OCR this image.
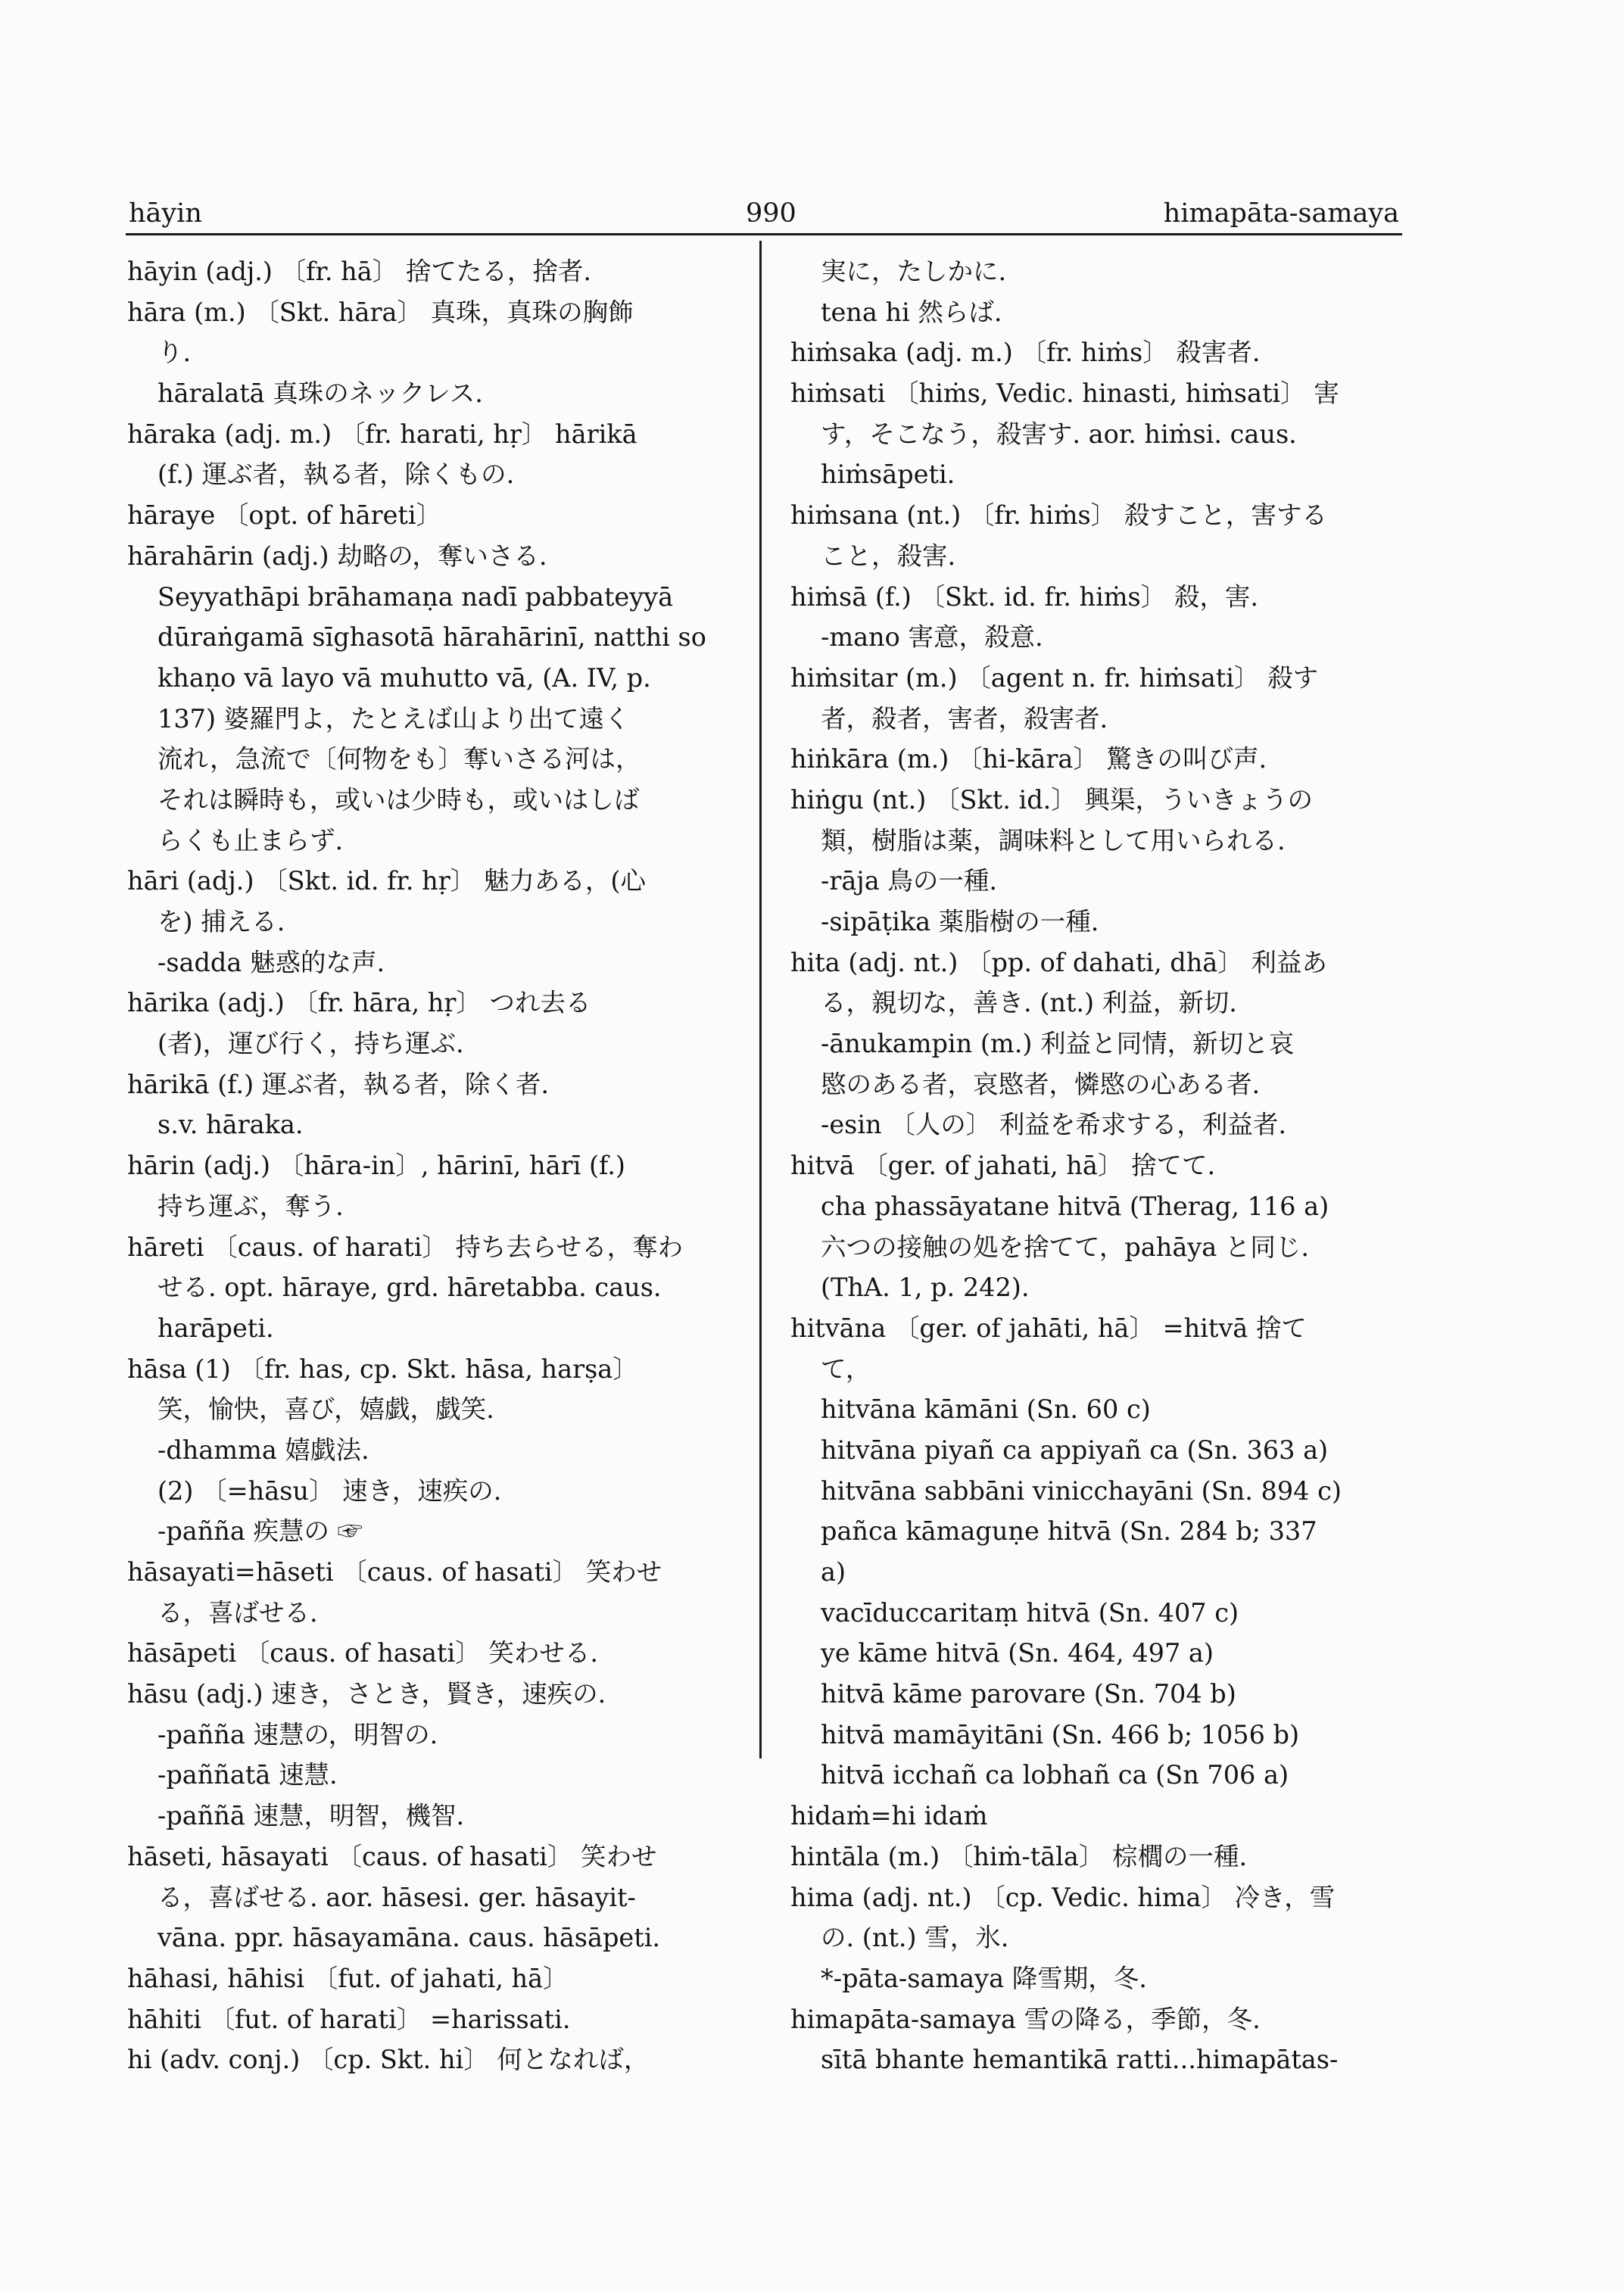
hāyin	990	himapāta-samaya
hāyin (adj.) 〔fr. hā〕 捨てたる，捨者.
hāra (m.) 〔Skt. hāra〕 真珠，真珠の胸飾
り.
hāralatā 真珠のネックレス.
hāraka (adj. m.) 〔fr. harati, hṛ〕 hārikā
(f.) 運ぶ者，執る者，除くもの.
hāraye 〔opt. of hāreti〕
hārahārin (adj.) 劫略の，奪いさる.
Seyyathāpi brāhamaṇa nadī pabbateyyā
dūraṅgamā sīghasotā hārahārinī, natthi so
khaṇo vā layo vā muhutto vā, (A. IV, p.
137) 婆羅門よ，たとえば山より出て遠く
流れ，急流で〔何物をも〕奪いさる河は，
それは瞬時も，或いは少時も，或いはしば
らくも止まらず.
hāri (adj.) 〔Skt. id. fr. hṛ〕 魅力ある，(心
を) 捕える.
-sadda 魅惑的な声.
hārika (adj.) 〔fr. hāra, hṛ〕 つれ去る
(者)，運び行く，持ち運ぶ.
hārikā (f.) 運ぶ者，執る者，除く者.
s.v. hāraka.
hārin (adj.) 〔hāra-in〕, hārinī, hārī (f.)
持ち運ぶ，奪う.
hāreti 〔caus. of harati〕 持ち去らせる，奪わ
せる. opt. hāraye, grd. hāretabba. caus.
harāpeti.
hāsa (1) 〔fr. has, cp. Skt. hāsa, harṣa〕
笑，愉快，喜び，嬉戯，戯笑.
-dhamma 嬉戯法.
(2) 〔=hāsu〕 速き，速疾の.
-pañña 疾慧の ☞
hāsayati=hāseti 〔caus. of hasati〕 笑わせ
る，喜ばせる.
hāsāpeti 〔caus. of hasati〕 笑わせる.
hāsu (adj.) 速き，さとき，賢き，速疾の.
-pañña 速慧の，明智の.
-paññatā 速慧.
-paññā 速慧，明智，機智.
hāseti, hāsayati 〔caus. of hasati〕 笑わせ
る，喜ばせる. aor. hāsesi. ger. hāsayit-
vāna. ppr. hāsayamāna. caus. hāsāpeti.
hāhasi, hāhisi 〔fut. of jahati, hā〕
hāhiti 〔fut. of harati〕 =harissati.
hi (adv. conj.) 〔cp. Skt. hi〕 何となれば，
実に，たしかに.
tena hi 然らば.
hiṁsaka (adj. m.) 〔fr. hiṁs〕 殺害者.
hiṁsati 〔hiṁs, Vedic. hinasti, hiṁsati〕 害
す，そこなう，殺害す. aor. hiṁsi. caus.
hiṁsāpeti.
hiṁsana (nt.) 〔fr. hiṁs〕 殺すこと，害する
こと，殺害.
hiṁsā (f.) 〔Skt. id. fr. hiṁs〕 殺，害.
-mano 害意，殺意.
hiṁsitar (m.) 〔agent n. fr. hiṁsati〕 殺す
者，殺者，害者，殺害者.
hiṅkāra (m.) 〔hi-kāra〕 驚きの叫び声.
hiṅgu (nt.) 〔Skt. id.〕 興渠，ういきょうの
類，樹脂は薬，調味料として用いられる.
-rāja 鳥の一種.
-sipāṭika 薬脂樹の一種.
hita (adj. nt.) 〔pp. of dahati, dhā〕 利益あ
る，親切な，善き. (nt.) 利益，新切.
-ānukampin (m.) 利益と同情，新切と哀
愍のある者，哀愍者，憐愍の心ある者.
-esin 〔人の〕 利益を希求する，利益者.
hitvā 〔ger. of jahati, hā〕 捨てて.
cha phassāyatane hitvā (Therag, 116 a)
六つの接触の処を捨てて，pahāya と同じ.
(ThA. 1, p. 242).
hitvāna 〔ger. of jahāti, hā〕 =hitvā 捨て
て，
hitvāna kāmāni (Sn. 60 c)
hitvāna piyañ ca appiyañ ca (Sn. 363 a)
hitvāna sabbāni vinicchayāni (Sn. 894 c)
pañca kāmaguṇe hitvā (Sn. 284 b; 337
a)
vacīduccaritaṃ hitvā (Sn. 407 c)
ye kāme hitvā (Sn. 464, 497 a)
hitvā kāme parovare (Sn. 704 b)
hitvā mamāyitāni (Sn. 466 b; 1056 b)
hitvā icchañ ca lobhañ ca (Sn 706 a)
hidaṁ=hi idaṁ
hintāla (m.) 〔hiṁ-tāla〕 棕櫚の一種.
hima (adj. nt.) 〔cp. Vedic. hima〕 冷き，雪
の. (nt.) 雪，氷.
*-pāta-samaya 降雪期，冬.
himapāta-samaya 雪の降る，季節，冬.
sītā bhante hemantikā ratti...himapātas-
